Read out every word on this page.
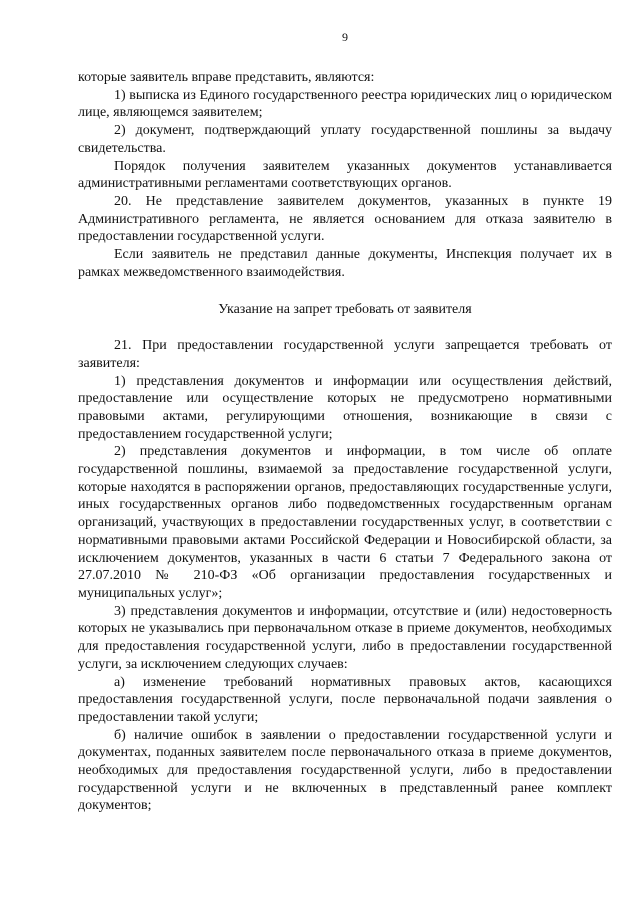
9

которые заявитель вправе представить, являются:

1) выписка из Единого государственного реестра юридических лиц о юридическом лице, являющемся заявителем;

2) документ, подтверждающий уплату государственной пошлины за выдачу свидетельства.

Порядок получения заявителем указанных документов устанавливается административными регламентами соответствующих органов.

20. Не представление заявителем документов, указанных в пункте 19 Административного регламента, не является основанием для отказа заявителю в предоставлении государственной услуги.

Если заявитель не представил данные документы, Инспекция получает их в рамках межведомственного взаимодействия.

Указание на запрет требовать от заявителя

21. При предоставлении государственной услуги запрещается требовать от заявителя:

1) представления документов и информации или осуществления действий, предоставление или осуществление которых не предусмотрено нормативными правовыми актами, регулирующими отношения, возникающие в связи с предоставлением государственной услуги;

2) представления документов и информации, в том числе об оплате государственной пошлины, взимаемой за предоставление государственной услуги, которые находятся в распоряжении органов, предоставляющих государственные услуги, иных государственных органов либо подведомственных государственным органам организаций, участвующих в предоставлении государственных услуг, в соответствии с нормативными правовыми актами Российской Федерации и Новосибирской области, за исключением документов, указанных в части 6 статьи 7 Федерального закона от 27.07.2010 № 210-ФЗ «Об организации предоставления государственных и муниципальных услуг»;

3) представления документов и информации, отсутствие и (или) недостоверность которых не указывались при первоначальном отказе в приеме документов, необходимых для предоставления государственной услуги, либо в предоставлении государственной услуги, за исключением следующих случаев:

а) изменение требований нормативных правовых актов, касающихся предоставления государственной услуги, после первоначальной подачи заявления о предоставлении такой услуги;

б) наличие ошибок в заявлении о предоставлении государственной услуги и документах, поданных заявителем после первоначального отказа в приеме документов, необходимых для предоставления государственной услуги, либо в предоставлении государственной услуги и не включенных в представленный ранее комплект документов;
